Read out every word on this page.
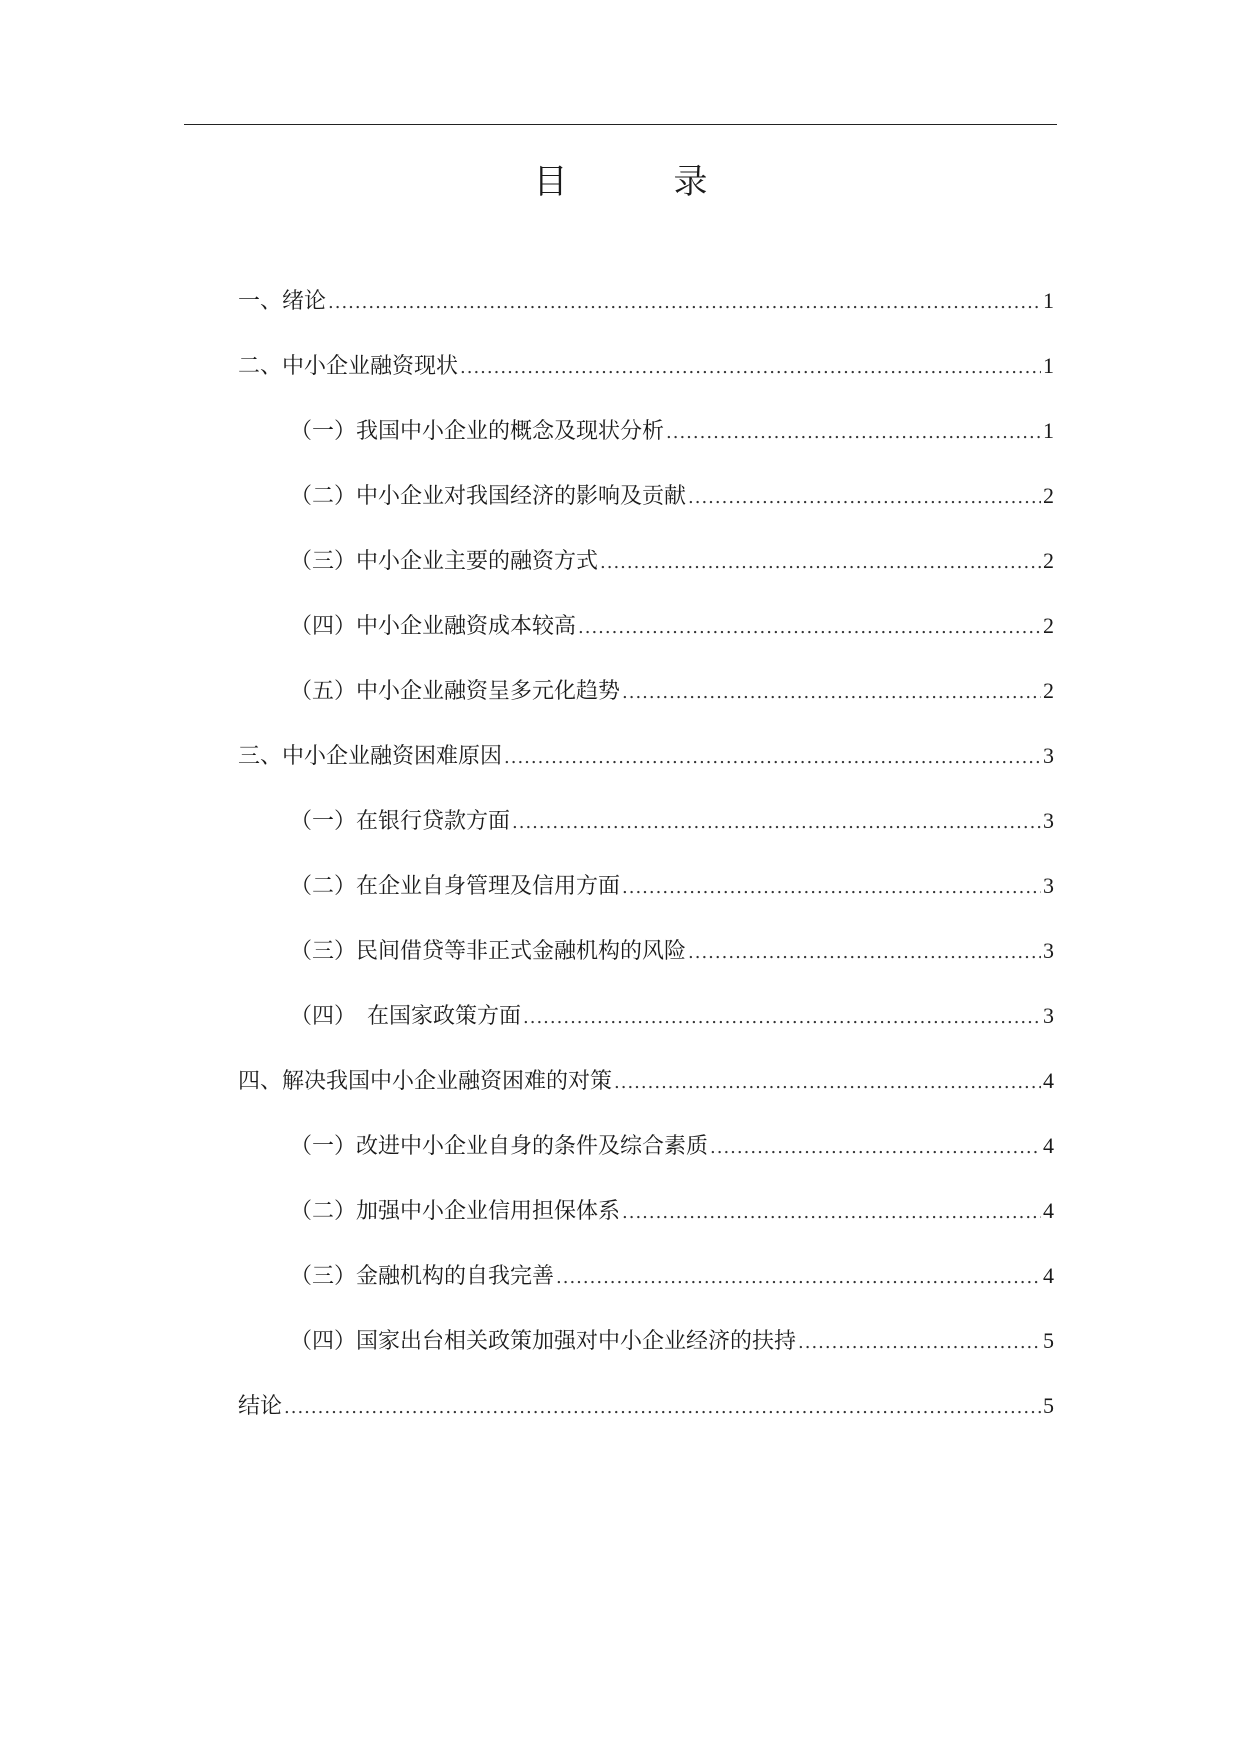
目　录
一、绪论 .....	1
二、中小企业融资现状 .....	1
（一）我国中小企业的概念及现状分析 .....	1
（二）中小企业对我国经济的影响及贡献 .....	2
（三）中小企业主要的融资方式 .....	2
（四）中小企业融资成本较高 .....	2
（五）中小企业融资呈多元化趋势 .....	2
三、中小企业融资困难原因 .....	3
（一）在银行贷款方面 .....	3
（二）在企业自身管理及信用方面 .....	3
（三）民间借贷等非正式金融机构的风险 .....	3
（四）　在国家政策方面 .....	3
四、解决我国中小企业融资困难的对策 .....	4
（一）改进中小企业自身的条件及综合素质 .....	4
（二）加强中小企业信用担保体系 .....	4
（三）金融机构的自我完善 .....	4
（四）国家出台相关政策加强对中小企业经济的扶持 .....	5
结论 .....	5
